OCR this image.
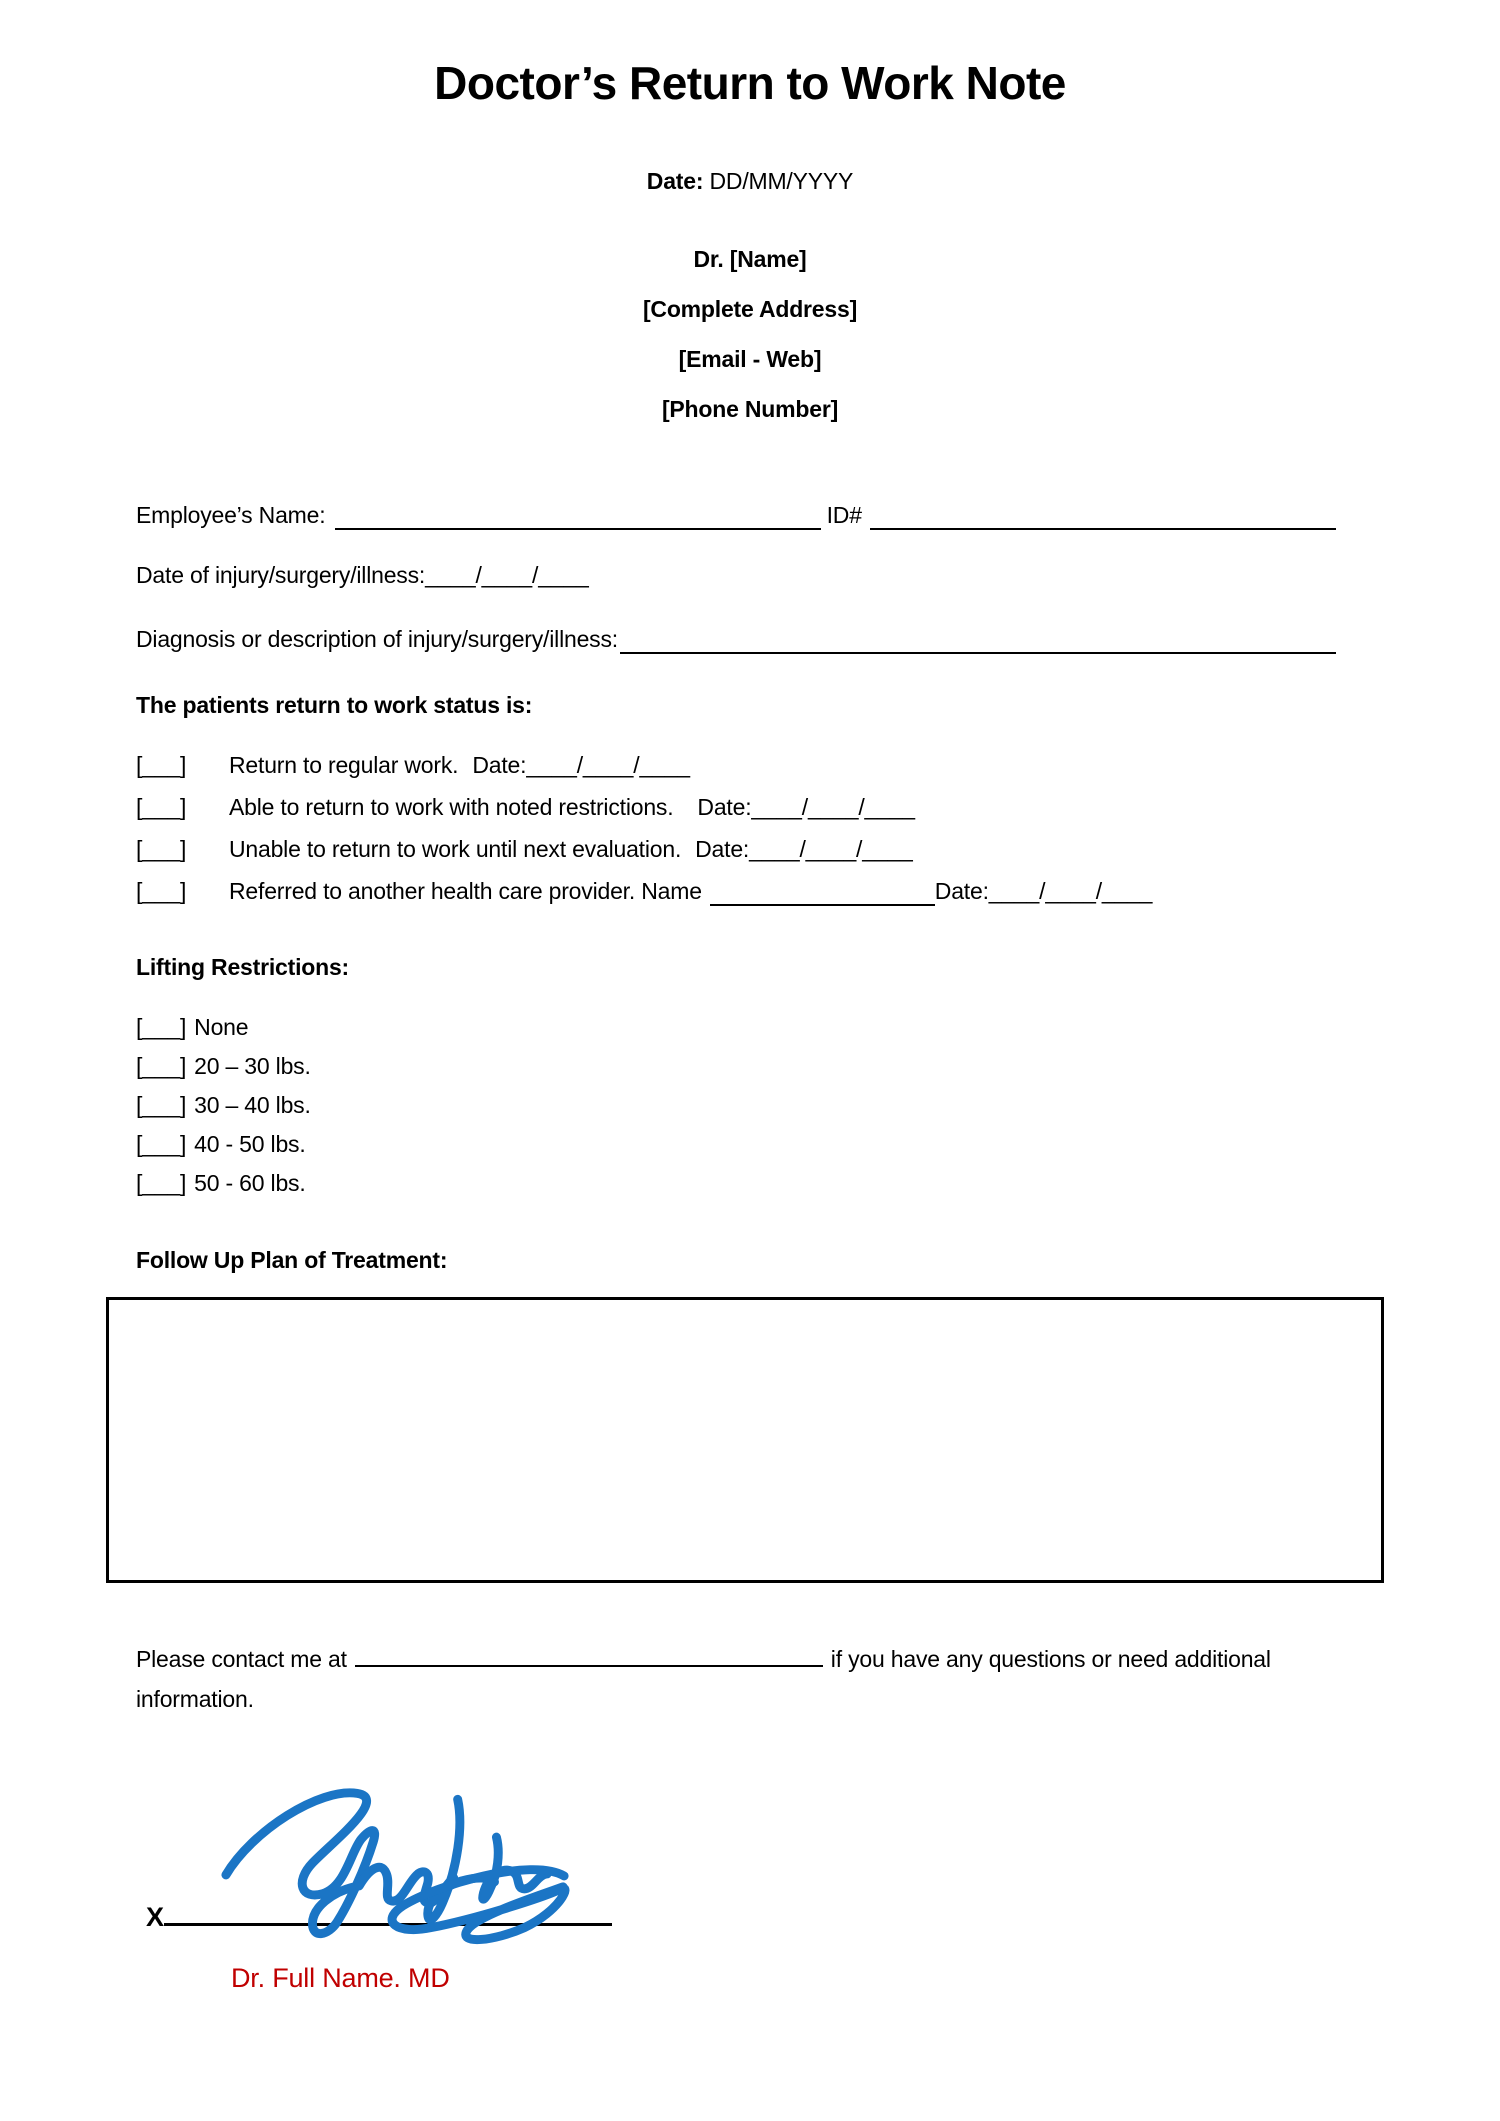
Doctor’s Return to Work Note

Date: DD/MM/YYYY

Dr. [Name]

[Complete Address]

[Email - Web]

[Phone Number]

Employee’s Name:	ID#
Date of injury/surgery/illness: ____/____/____
Diagnosis or description of injury/surgery/illness:

The patients return to work status is:

[___]	Return to regular work. Date: ____/____/____
[___]	Able to return to work with noted restrictions. Date: ____/____/____
[___]	Unable to return to work until next evaluation. Date: ____/____/____
[___]	Referred to another health care provider. Name	Date: ____/____/____

Lifting Restrictions:

[___] None
[___] 20 – 30 lbs.
[___] 30 – 40 lbs.
[___] 40 - 50 lbs.
[___] 50 - 60 lbs.

Follow Up Plan of Treatment:

Please contact me at	if you have any questions or need additional
information.
X

Dr. Full Name. MD
